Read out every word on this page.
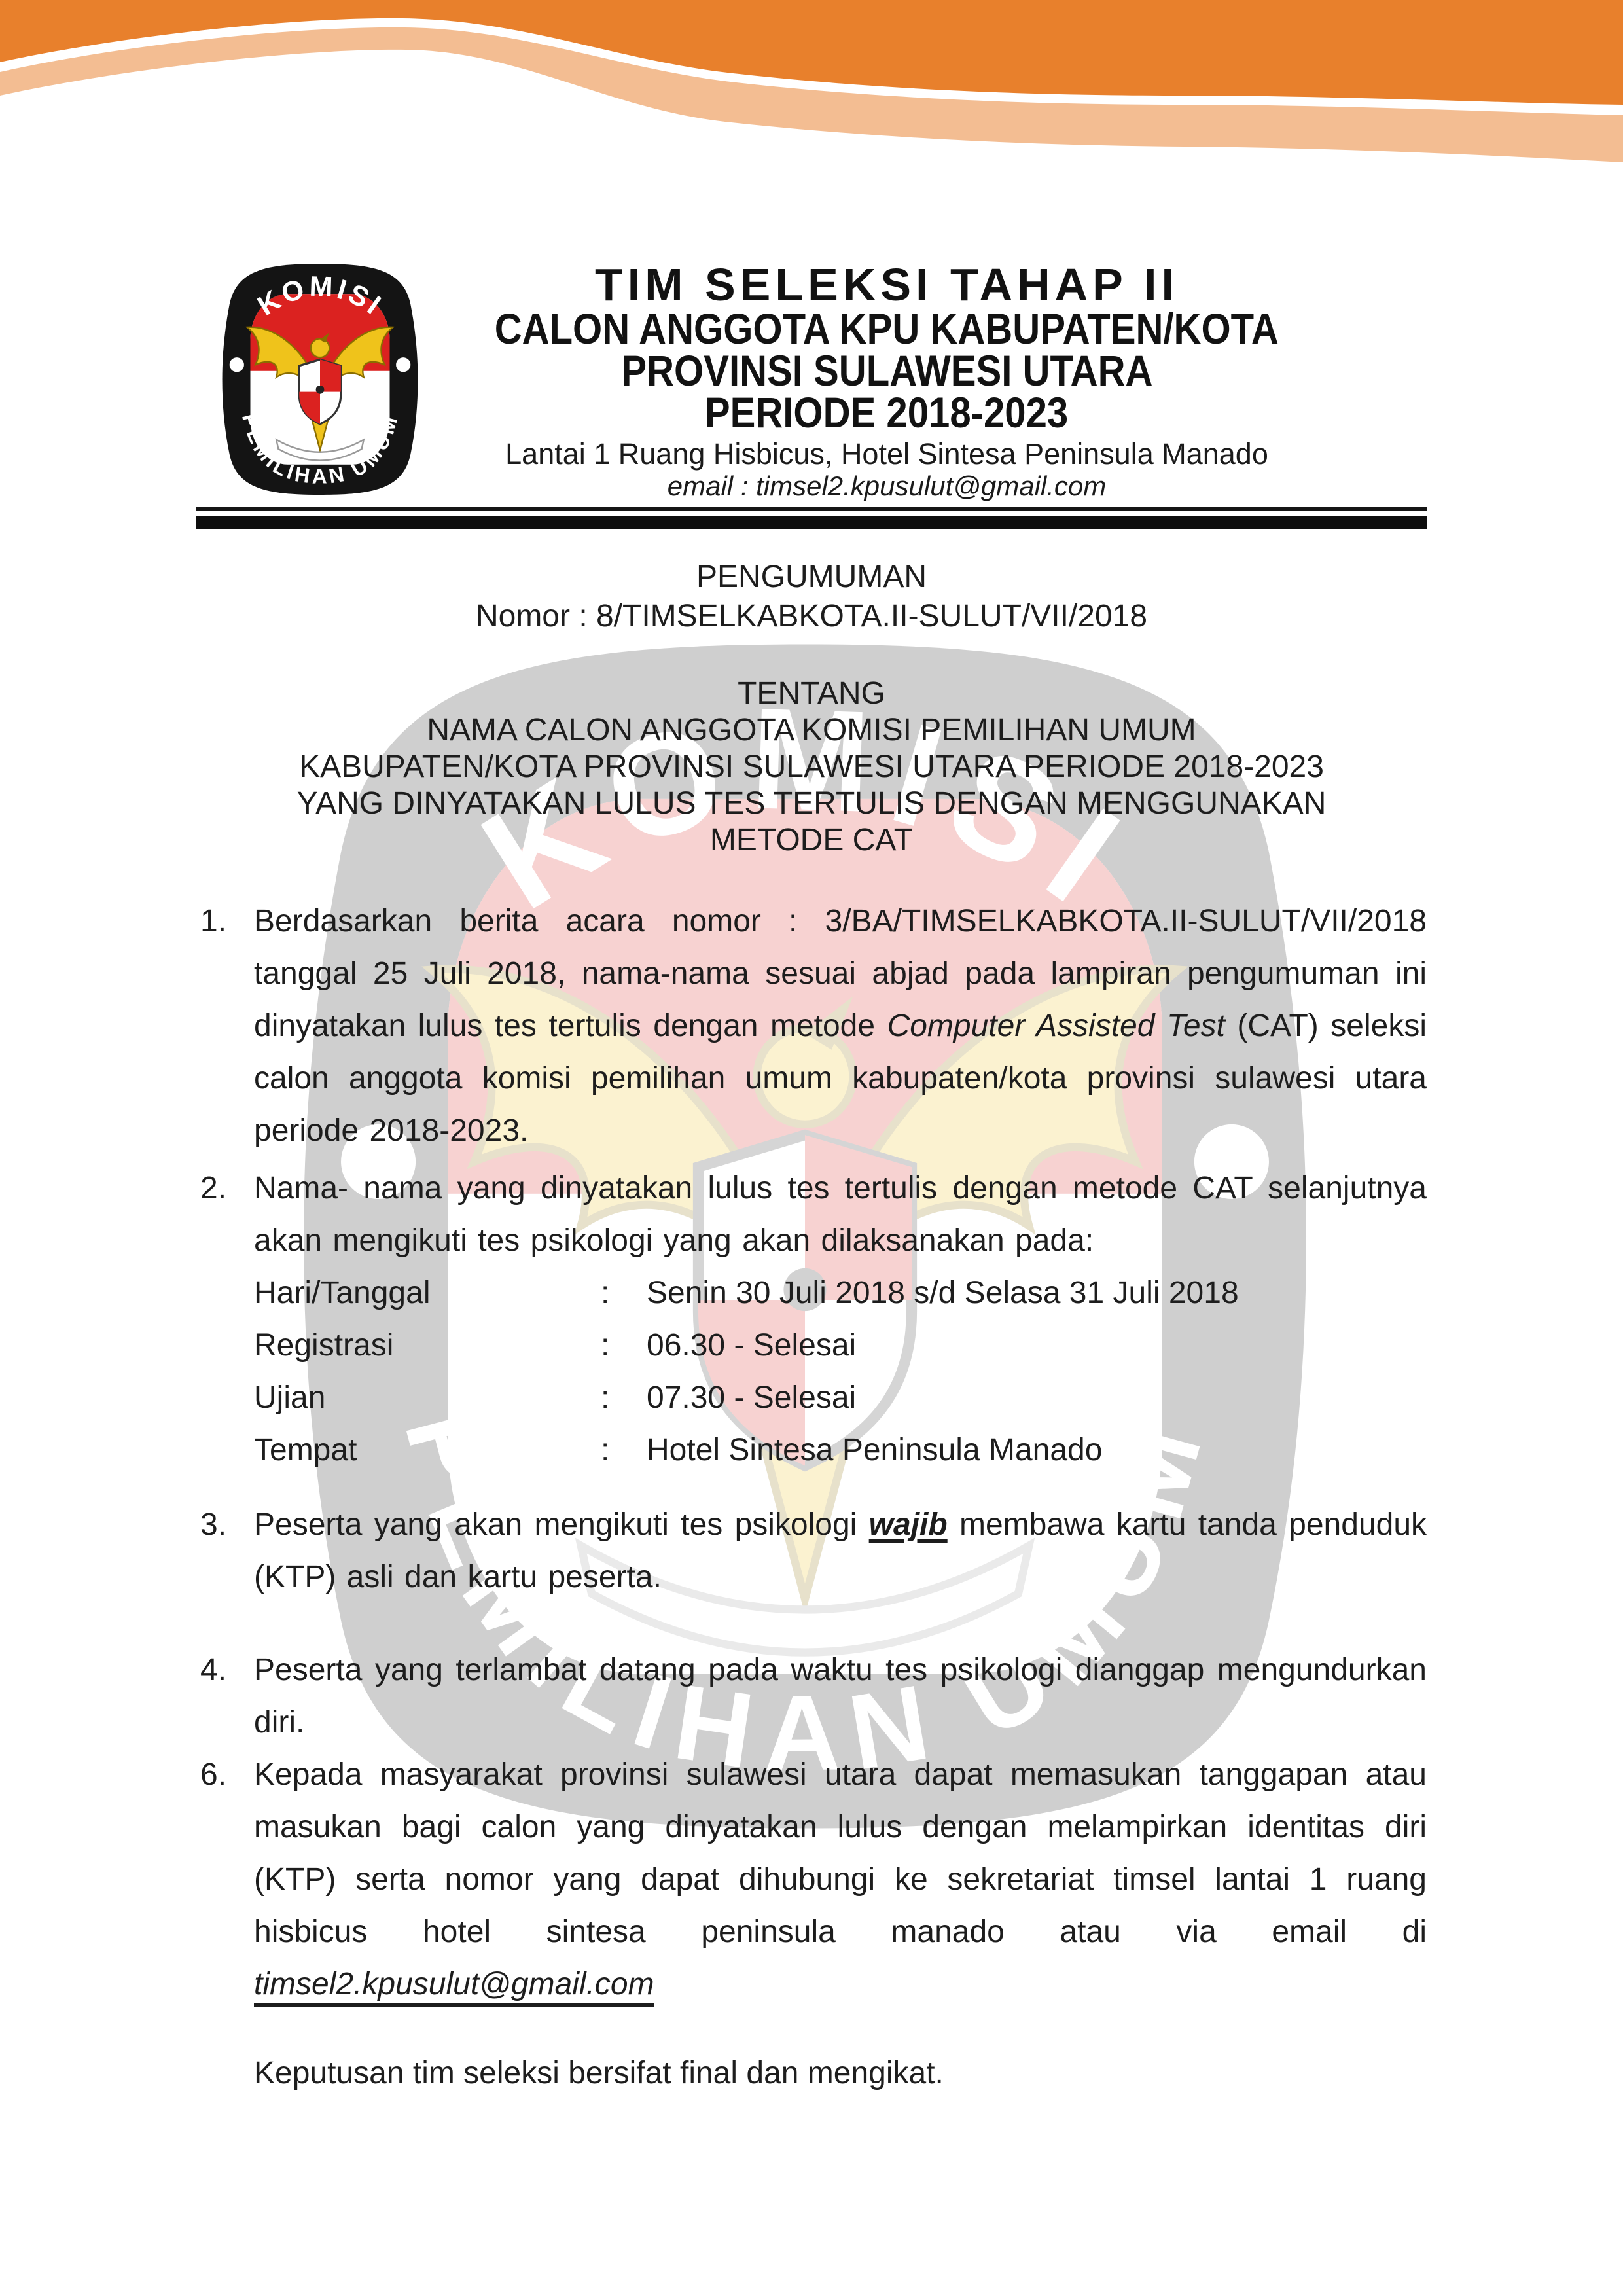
TIM SELEKSI TAHAP II
CALON ANGGOTA KPU KABUPATEN/KOTA
PROVINSI SULAWESI UTARA
PERIODE 2018-2023
Lantai 1 Ruang Hisbicus, Hotel Sintesa Peninsula Manado
email : timsel2.kpusulut@gmail.com
PENGUMUMAN
Nomor : 8/TIMSELKABKOTA.II-SULUT/VII/2018
TENTANG
NAMA CALON ANGGOTA KOMISI PEMILIHAN UMUM
KABUPATEN/KOTA PROVINSI SULAWESI UTARA PERIODE 2018-2023
YANG DINYATAKAN LULUS TES TERTULIS DENGAN MENGGUNAKAN
METODE CAT
1. Berdasarkan berita acara nomor : 3/BA/TIMSELKABKOTA.II-SULUT/VII/2018 tanggal 25 Juli 2018, nama-nama sesuai abjad pada lampiran pengumuman ini dinyatakan lulus tes tertulis dengan metode Computer Assisted Test (CAT) seleksi calon anggota komisi pemilihan umum kabupaten/kota provinsi sulawesi utara periode 2018-2023.
2. Nama- nama yang dinyatakan lulus tes tertulis dengan metode CAT selanjutnya akan mengikuti tes psikologi yang akan dilaksanakan pada:
Hari/Tanggal	:	Senin 30 Juli 2018 s/d Selasa 31 Juli 2018
Registrasi	:	06.30 - Selesai
Ujian	:	07.30 - Selesai
Tempat	:	Hotel Sintesa Peninsula Manado
3. Peserta yang akan mengikuti tes psikologi wajib membawa kartu tanda penduduk (KTP) asli dan kartu peserta.
4. Peserta yang terlambat datang pada waktu tes psikologi dianggap mengundurkan diri.
6. Kepada masyarakat provinsi sulawesi utara dapat memasukan tanggapan atau masukan bagi calon yang dinyatakan lulus dengan melampirkan identitas diri (KTP) serta nomor yang dapat dihubungi ke sekretariat timsel lantai 1 ruang hisbicus hotel sintesa peninsula manado atau via email di timsel2.kpusulut@gmail.com
Keputusan tim seleksi bersifat final dan mengikat.
